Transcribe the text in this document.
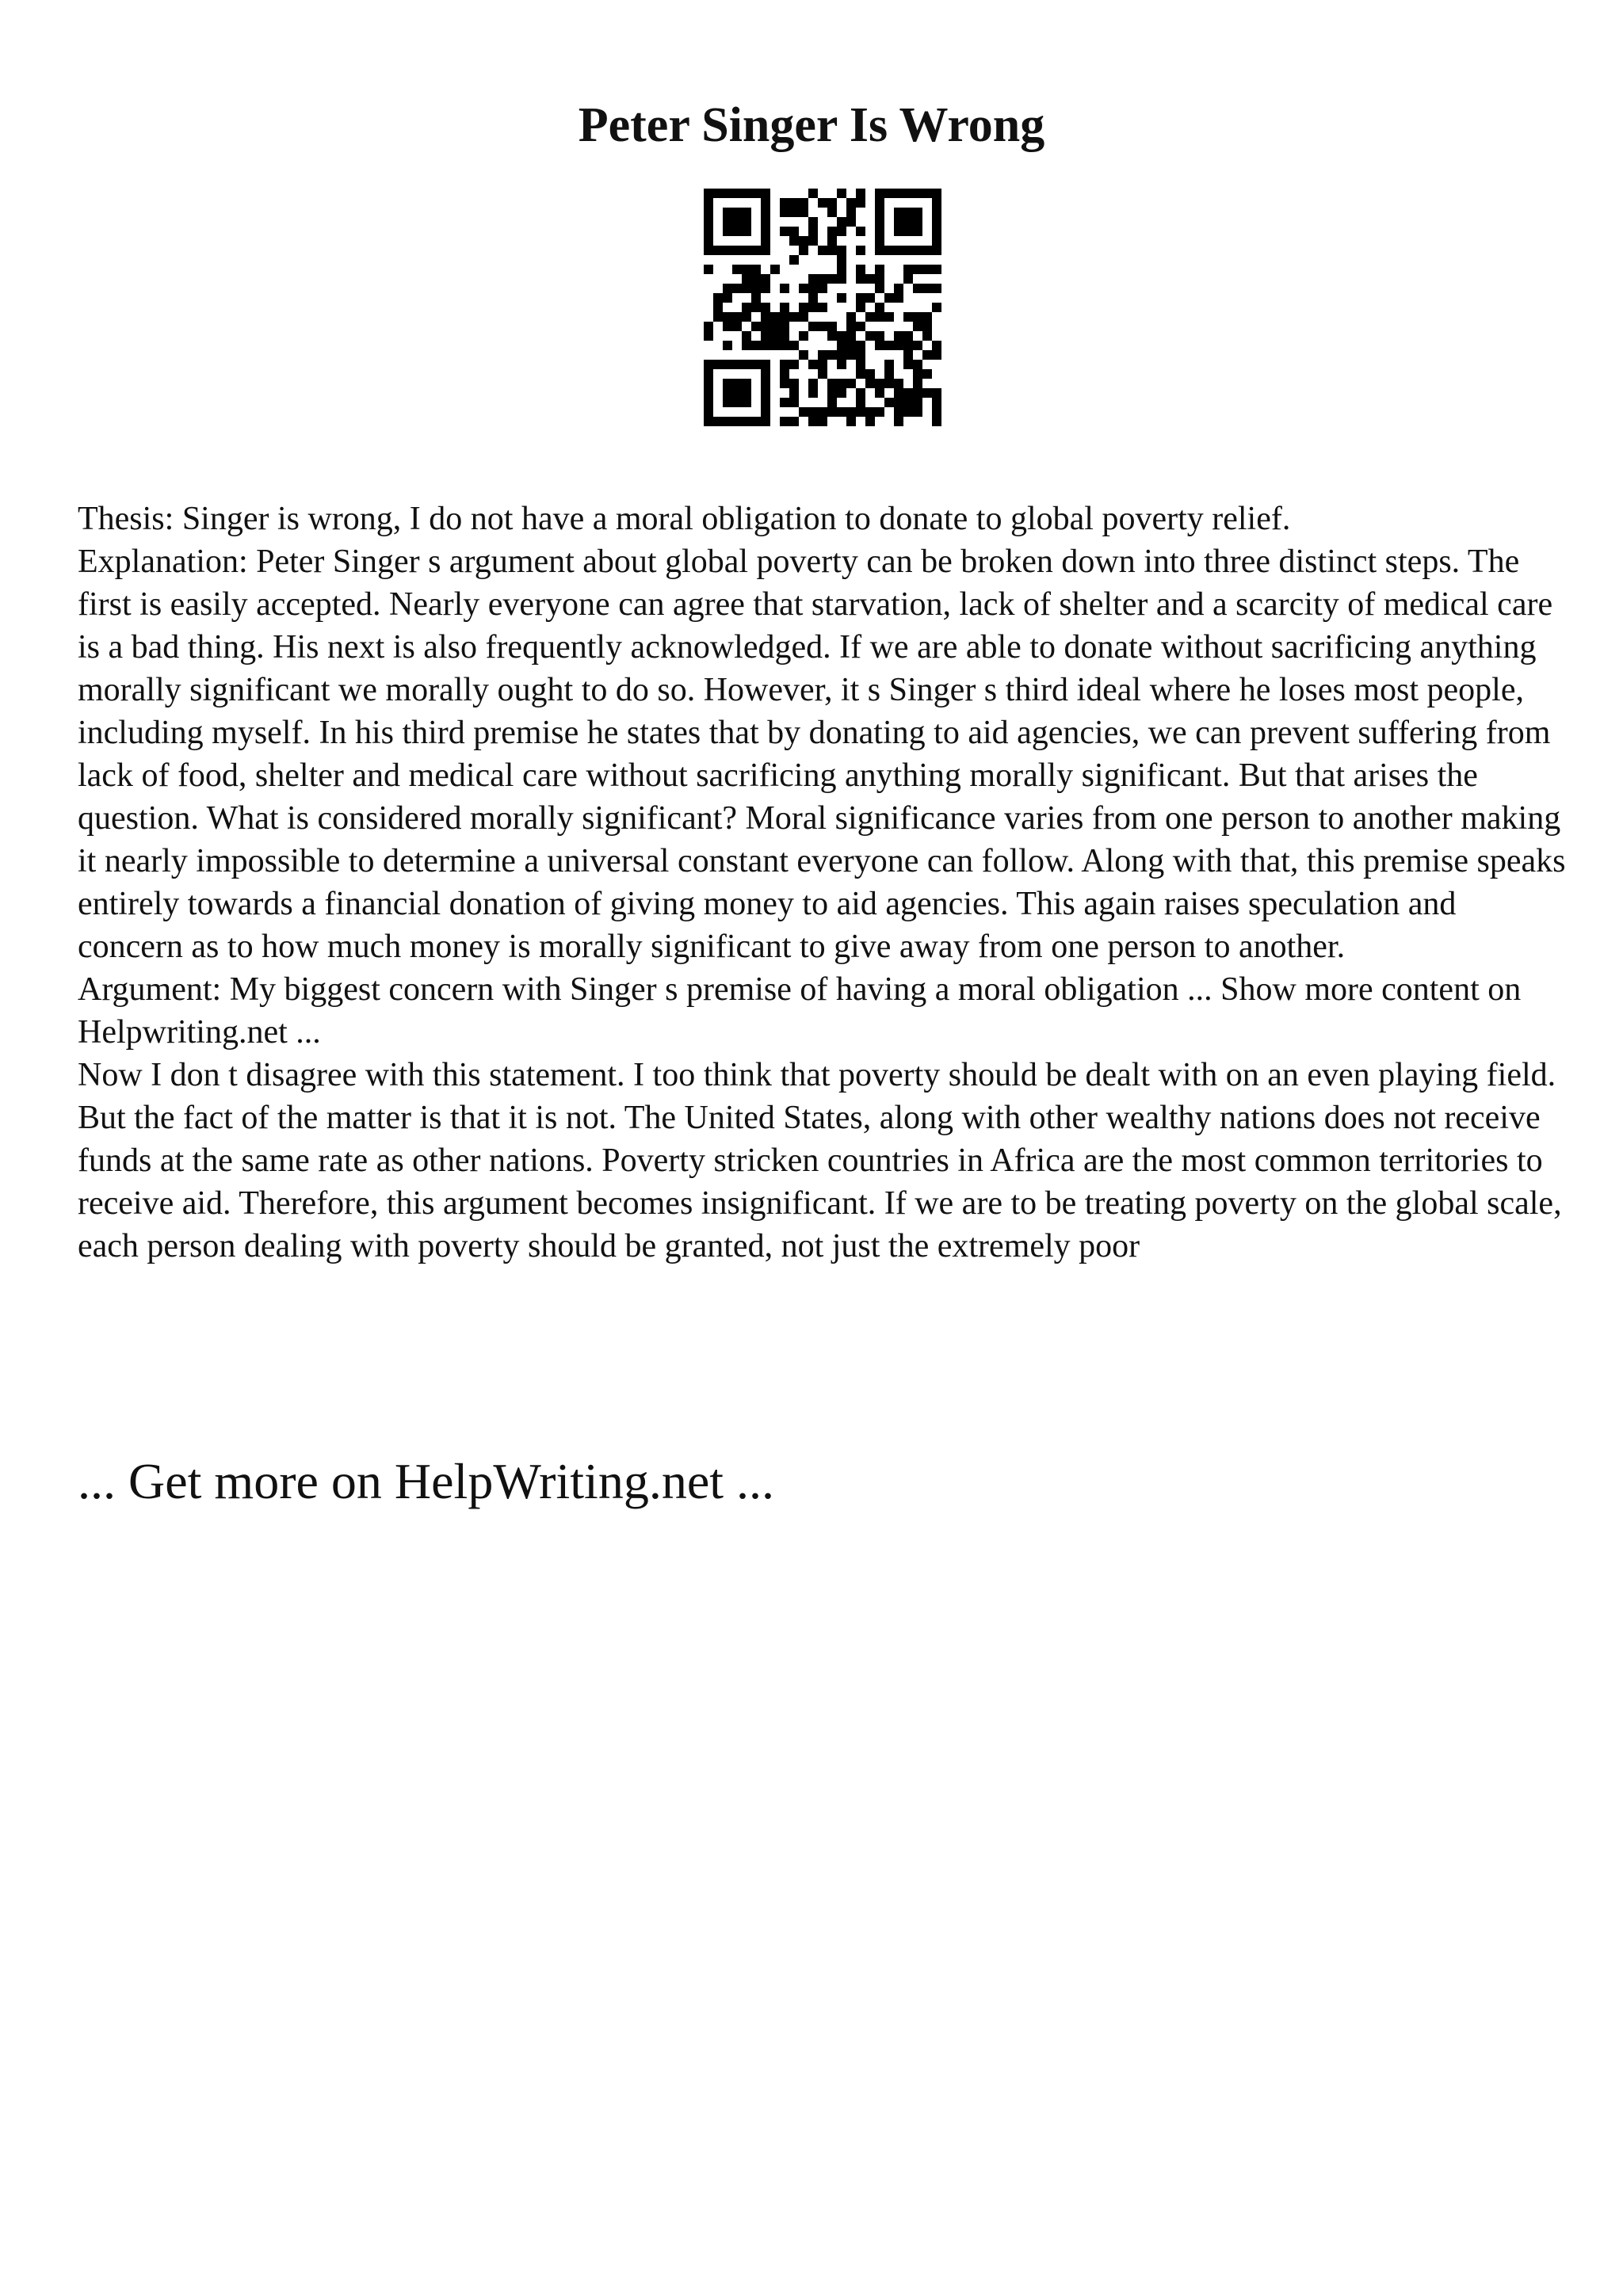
Peter Singer Is Wrong

Thesis: Singer is wrong, I do not have a moral obligation to donate to global poverty relief.

Explanation: Peter Singer s argument about global poverty can be broken down into three distinct steps. The first is easily accepted. Nearly everyone can agree that starvation, lack of shelter and a scarcity of medical care is a bad thing. His next is also frequently acknowledged. If we are able to donate without sacrificing anything morally significant we morally ought to do so. However, it s Singer s third ideal where he loses most people, including myself. In his third premise he states that by donating to aid agencies, we can prevent suffering from lack of food, shelter and medical care without sacrificing anything morally significant. But that arises the question. What is considered morally significant? Moral significance varies from one person to another making it nearly impossible to determine a universal constant everyone can follow. Along with that, this premise speaks entirely towards a financial donation of giving money to aid agencies. This again raises speculation and concern as to how much money is morally significant to give away from one person to another.

Argument: My biggest concern with Singer s premise of having a moral obligation ... Show more content on Helpwriting.net ...

Now I don t disagree with this statement. I too think that poverty should be dealt with on an even playing field. But the fact of the matter is that it is not. The United States, along with other wealthy nations does not receive funds at the same rate as other nations. Poverty stricken countries in Africa are the most common territories to receive aid. Therefore, this argument becomes insignificant. If we are to be treating poverty on the global scale, each person dealing with poverty should be granted, not just the extremely poor

... Get more on HelpWriting.net ...
